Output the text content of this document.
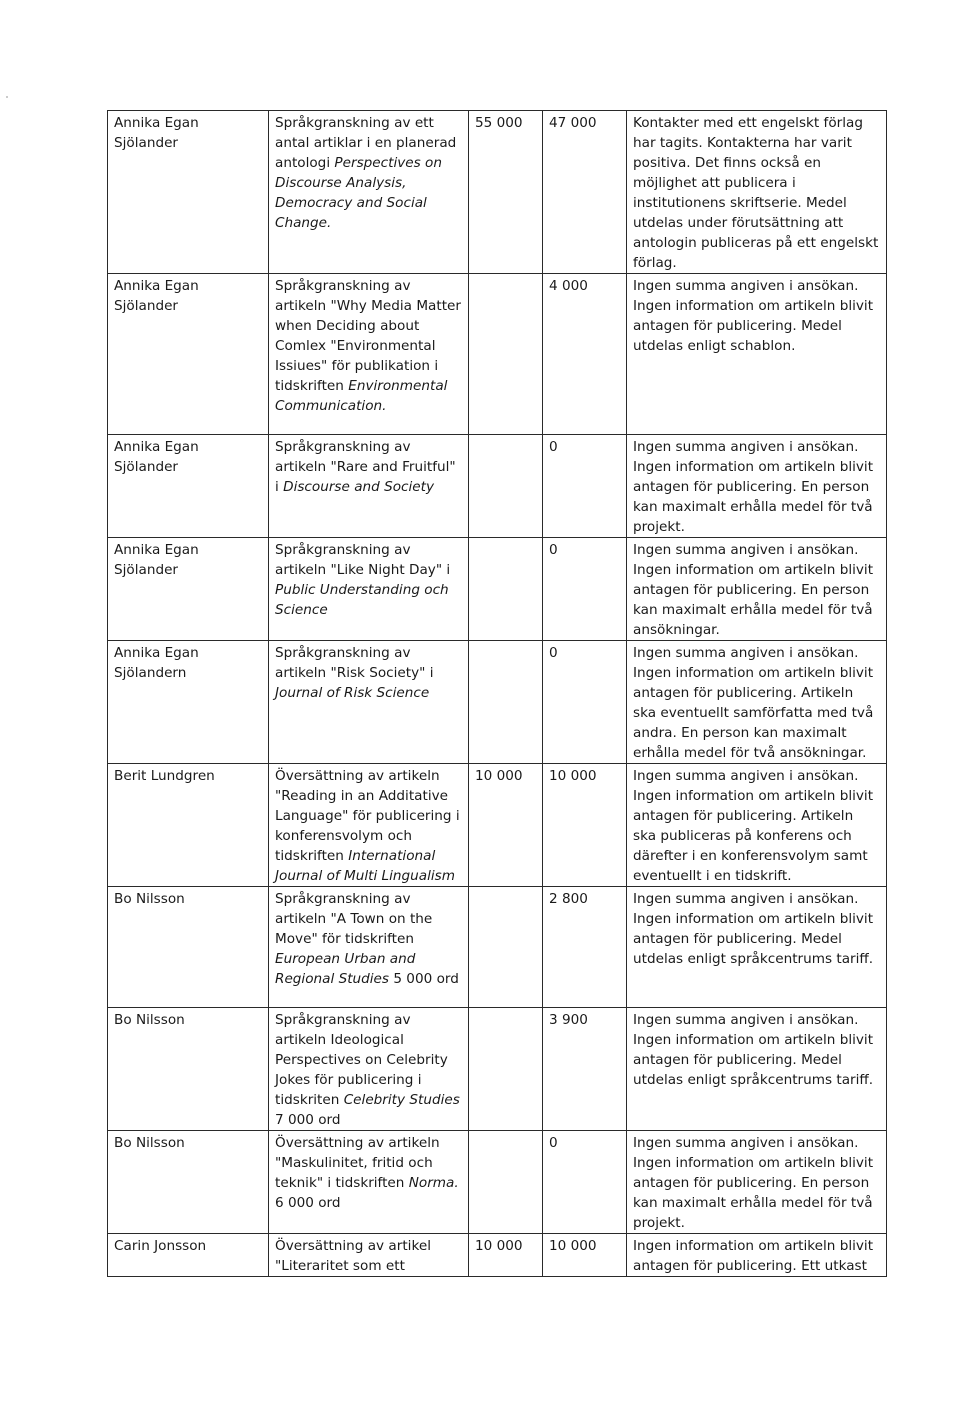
Annika Egan Sjölander	Språkgranskning av ett antal artiklar i en planerad antologi Perspectives on Discourse Analysis, Democracy and Social Change.	55 000	47 000	Kontakter med ett engelskt förlag har tagits. Kontakterna har varit positiva. Det finns också en möjlighet att publicera i institutionens skriftserie. Medel utdelas under förutsättning att antologin publiceras på ett engelskt förlag.
Annika Egan Sjölander	Språkgranskning av artikeln "Why Media Matter when Deciding about Comlex "Environmental Issiues" för publikation i tidskriften Environmental Communication.		4 000	Ingen summa angiven i ansökan. Ingen information om artikeln blivit antagen för publicering. Medel utdelas enligt schablon.
Annika Egan Sjölander	Språkgranskning av artikeln "Rare and Fruitful" i Discourse and Society		0	Ingen summa angiven i ansökan. Ingen information om artikeln blivit antagen för publicering. En person kan maximalt erhålla medel för två projekt.
Annika Egan Sjölander	Språkgranskning av artikeln "Like Night Day" i Public Understanding och Science		0	Ingen summa angiven i ansökan. Ingen information om artikeln blivit antagen för publicering. En person kan maximalt erhålla medel för två ansökningar.
Annika Egan Sjölandern	Språkgranskning av artikeln "Risk Society" i Journal of Risk Science		0	Ingen summa angiven i ansökan. Ingen information om artikeln blivit antagen för publicering. Artikeln ska eventuellt samförfatta med två andra. En person kan maximalt erhålla medel för två ansökningar.
Berit Lundgren	Översättning av artikeln "Reading in an Additative Language" för publicering i konferensvolym och tidskriften International Journal of Multi Lingualism	10 000	10 000	Ingen summa angiven i ansökan. Ingen information om artikeln blivit antagen för publicering. Artikeln ska publiceras på konferens och därefter i en konferensvolym samt eventuellt i en tidskrift.
Bo Nilsson	Språkgranskning av artikeln "A Town on the Move" för tidskriften European Urban and Regional Studies 5 000 ord		2 800	Ingen summa angiven i ansökan. Ingen information om artikeln blivit antagen för publicering. Medel utdelas enligt språkcentrums tariff.
Bo Nilsson	Språkgranskning av artikeln Ideological Perspectives on Celebrity Jokes för publicering i tidskriten Celebrity Studies 7 000 ord		3 900	Ingen summa angiven i ansökan. Ingen information om artikeln blivit antagen för publicering. Medel utdelas enligt språkcentrums tariff.
Bo Nilsson	Översättning av artikeln "Maskulinitet, fritid och teknik" i tidskriften Norma. 6 000 ord		0	Ingen summa angiven i ansökan. Ingen information om artikeln blivit antagen för publicering. En person kan maximalt erhålla medel för två projekt.
Carin Jonsson	Översättning av artikel "Literaritet som ett	10 000	10 000	Ingen information om artikeln blivit antagen för publicering. Ett utkast
